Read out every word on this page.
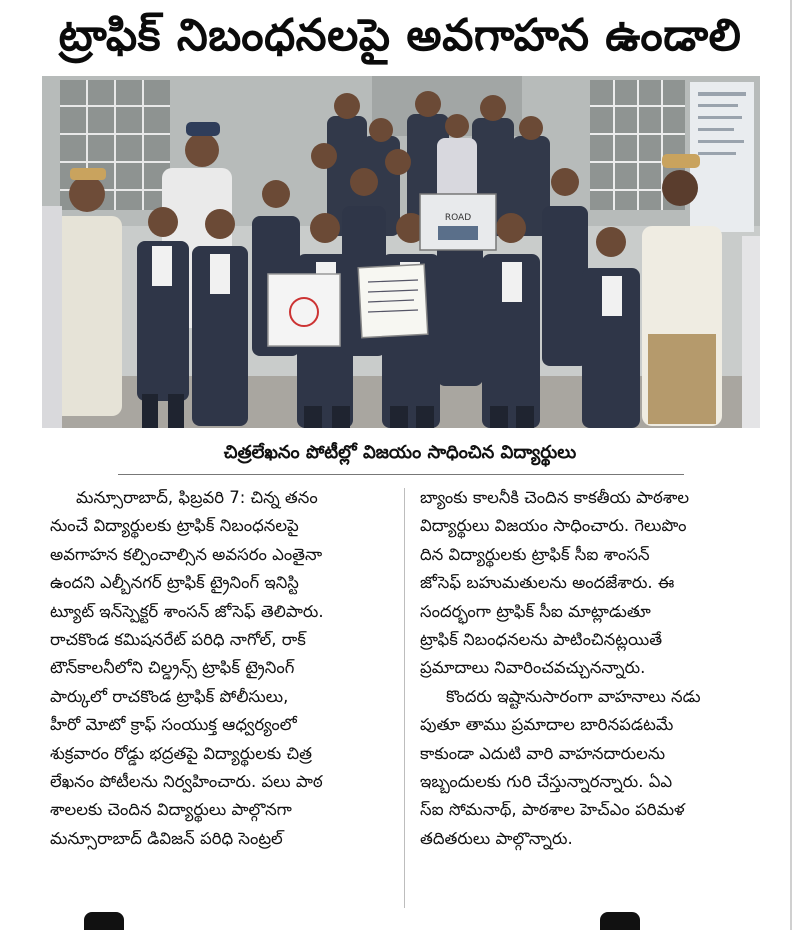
ట్రాఫిక్ నిబంధనలపై అవగాహన ఉండాలి
ROAD
చిత్రలేఖనం పోటీల్లో విజయం సాధించిన విద్యార్థులు
మన్సూరాబాద్, ఫిబ్రవరి 7: చిన్న తనం
నుంచే విద్యార్థులకు ట్రాఫిక్ నిబంధనలపై
అవగాహన కల్పించాల్సిన అవసరం ఎంతైనా
ఉందని ఎల్బీనగర్ ట్రాఫిక్ ట్రైనింగ్ ఇనిస్టి
ట్యూట్ ఇన్‌స్పెక్టర్ శాంసన్ జోసెఫ్ తెలిపారు.
రాచకొండ కమిషనరేట్ పరిధి నాగోల్, రాక్
టౌన్‌కాలనీలోని చిల్డ్రన్స్ ట్రాఫిక్ ట్రైనింగ్
పార్కులో రాచకొండ ట్రాఫిక్ పోలీసులు,
హీరో మోటో క్రాఫ్ సంయుక్త ఆధ్వర్యంలో
శుక్రవారం రోడ్డు భద్రతపై విద్యార్థులకు చిత్ర
లేఖనం పోటీలను నిర్వహించారు. పలు పాఠ
శాలలకు చెందిన విద్యార్థులు పాల్గొనగా
మన్సూరాబాద్ డివిజన్ పరిధి సెంట్రల్
బ్యాంకు కాలనీకి చెందిన కాకతీయ పాఠశాల
విద్యార్థులు విజయం సాధించారు. గెలుపొం
దిన విద్యార్థులకు ట్రాఫిక్ సీఐ శాంసన్
జోసెఫ్ బహుమతులను అందజేశారు. ఈ
సందర్భంగా ట్రాఫిక్ సీఐ మాట్లాడుతూ
ట్రాఫిక్ నిబంధనలను పాటించినట్లయితే
ప్రమాదాలు నివారించవచ్చునన్నారు.
కొందరు ఇష్టానుసారంగా వాహనాలు నడు
పుతూ తాము ప్రమాదాల బారినపడటమే
కాకుండా ఎదుటి వారి వాహనదారులను
ఇబ్బందులకు గురి చేస్తున్నారన్నారు. ఏఎ
స్ఐ సోమనాథ్, పాఠశాల హెచ్‌ఎం పరిమళ
తదితరులు పాల్గొన్నారు.
